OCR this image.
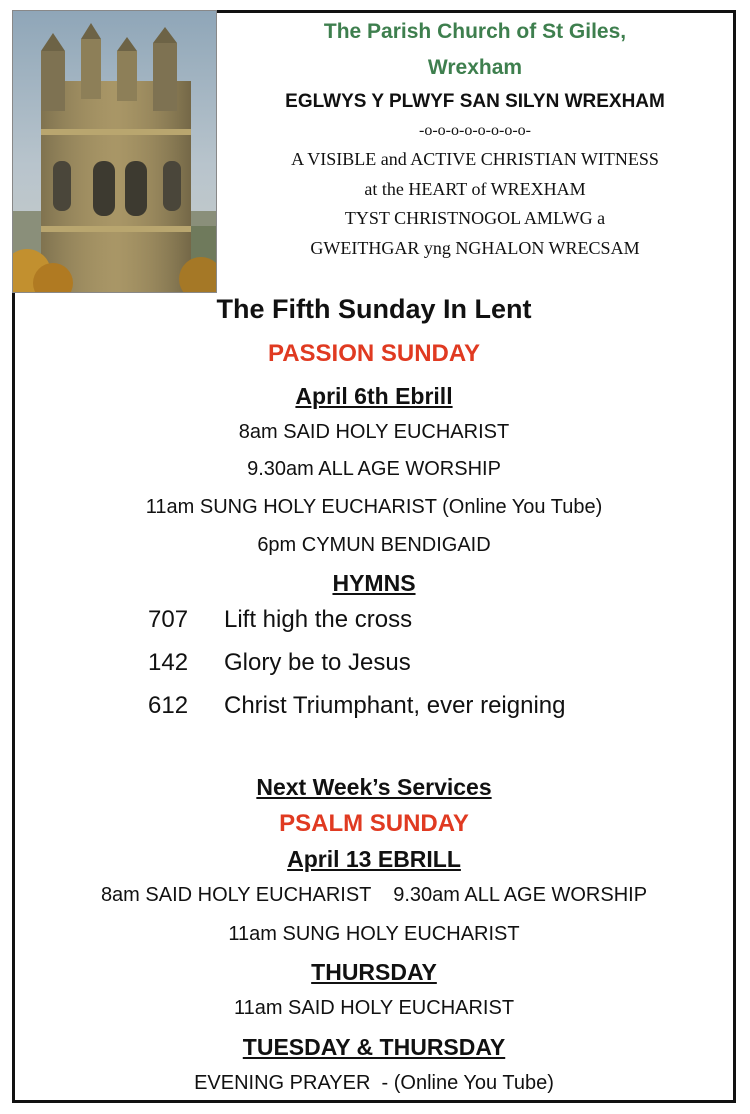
The Parish Church of St Giles,
Wrexham
EGLWYS Y PLWYF SAN SILYN WREXHAM
-o-o-o-o-o-o-o-o-
A VISIBLE and ACTIVE CHRISTIAN WITNESS
at the HEART of WREXHAM
TYST CHRISTNOGOL AMLWG a
GWEITHGAR yng NGHALON WRECSAM
The Fifth Sunday In Lent
PASSION SUNDAY
April 6th Ebrill
8am SAID HOLY EUCHARIST
9.30am ALL AGE WORSHIP
11am SUNG HOLY EUCHARIST (Online You Tube)
6pm CYMUN BENDIGAID
HYMNS
707 Lift high the cross
142 Glory be to Jesus
612 Christ Triumphant, ever reigning
Next Week’s Services
PSALM SUNDAY
April 13 EBRILL
8am SAID HOLY EUCHARIST    9.30am ALL AGE WORSHIP
11am SUNG HOLY EUCHARIST
THURSDAY
11am SAID HOLY EUCHARIST
TUESDAY & THURSDAY
EVENING PRAYER  - (Online You Tube)
